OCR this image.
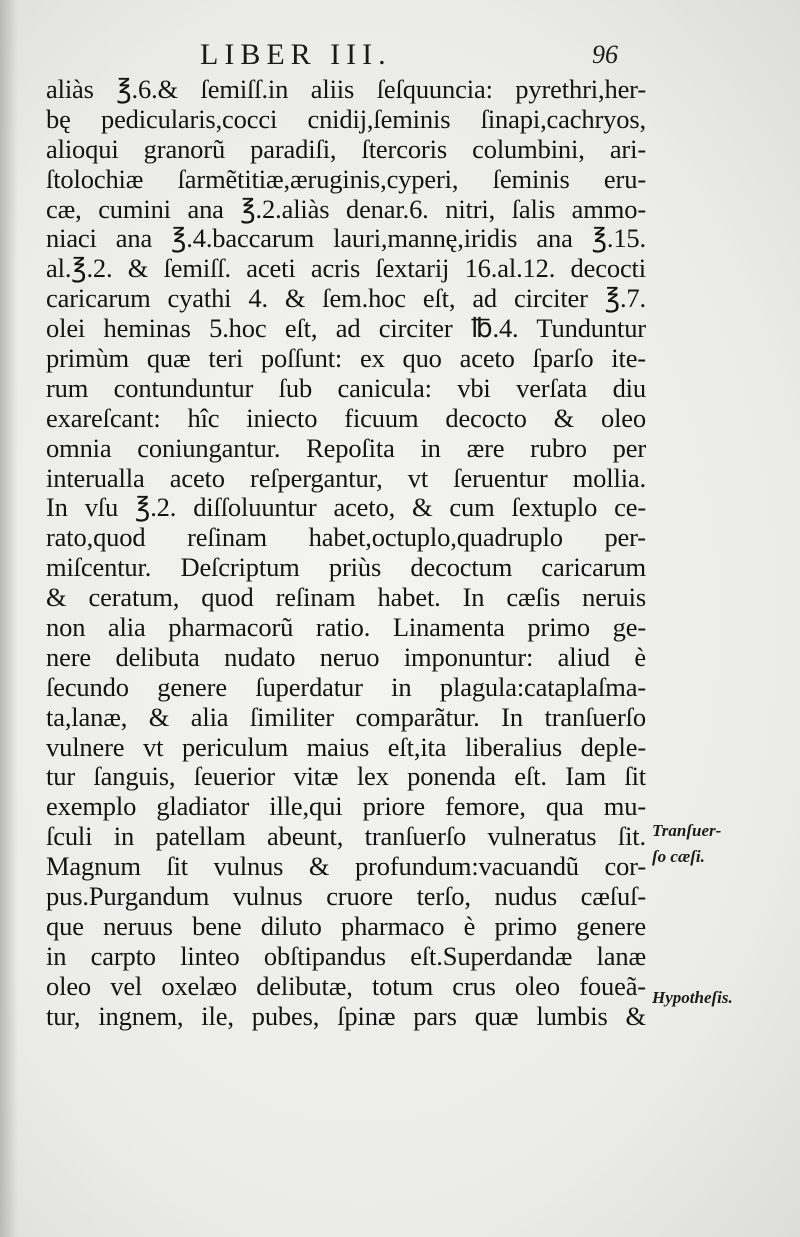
LIBER III.	96
aliàs ℥.6.& ſemiſſ.in aliis ſeſquuncia: pyrethri,her-
bę pedicularis,cocci cnidij,ſeminis ſinapi,cachryos,
alioqui granorũ paradiſi, ſtercoris columbini, ari-
ſtolochiæ ſarmẽtitiæ,æruginis,cyperi, ſeminis eru-
cæ, cumini ana ℥.2.aliàs denar.6. nitri, ſalis ammo-
niaci ana ℥.4.baccarum lauri,mannę,iridis ana ℥.15.
al.℥.2. & ſemiſſ. aceti acris ſextarij 16.al.12. decocti
caricarum cyathi 4. & ſem.hoc eſt, ad circiter ℥.7.
olei heminas 5.hoc eſt, ad circiter ℔.4. Tunduntur
primùm quæ teri poſſunt: ex quo aceto ſparſo ite-
rum contunduntur ſub canicula: vbi verſata diu
exareſcant: hîc iniecto ficuum decocto & oleo
omnia coniungantur. Repoſita in ære rubro per
interualla aceto reſpergantur, vt ſeruentur mollia.
In vſu ℥.2. diſſoluuntur aceto, & cum ſextuplo ce-
rato,quod reſinam habet,octuplo,quadruplo per-
miſcentur. Deſcriptum priùs decoctum caricarum
& ceratum, quod reſinam habet. In cæſis neruis
non alia pharmacorũ ratio. Linamenta primo ge-
nere delibuta nudato neruo imponuntur: aliud è
ſecundo genere ſuperdatur in plagula:cataplaſma-
ta,lanæ, & alia ſimiliter comparãtur. In tranſuerſo
vulnere vt periculum maius eſt,ita liberalius deple-
tur ſanguis, ſeuerior vitæ lex ponenda eſt. Iam ſit
exemplo gladiator ille,qui priore femore, qua mu-
ſculi in patellam abeunt, tranſuerſo vulneratus ſit.
Magnum ſit vulnus & profundum:vacuandũ cor-
pus.Purgandum vulnus cruore terſo, nudus cæſuſ-
que neruus bene diluto pharmaco è primo genere
in carpto linteo obſtipandus eſt.Superdandæ lanæ
oleo vel oxelæo delibutæ, totum crus oleo foueã-
tur, ingnem, ile, pubes, ſpinæ pars quæ lumbis &
Tranſuer-
ſo cæſi.
Hypotheſis.
